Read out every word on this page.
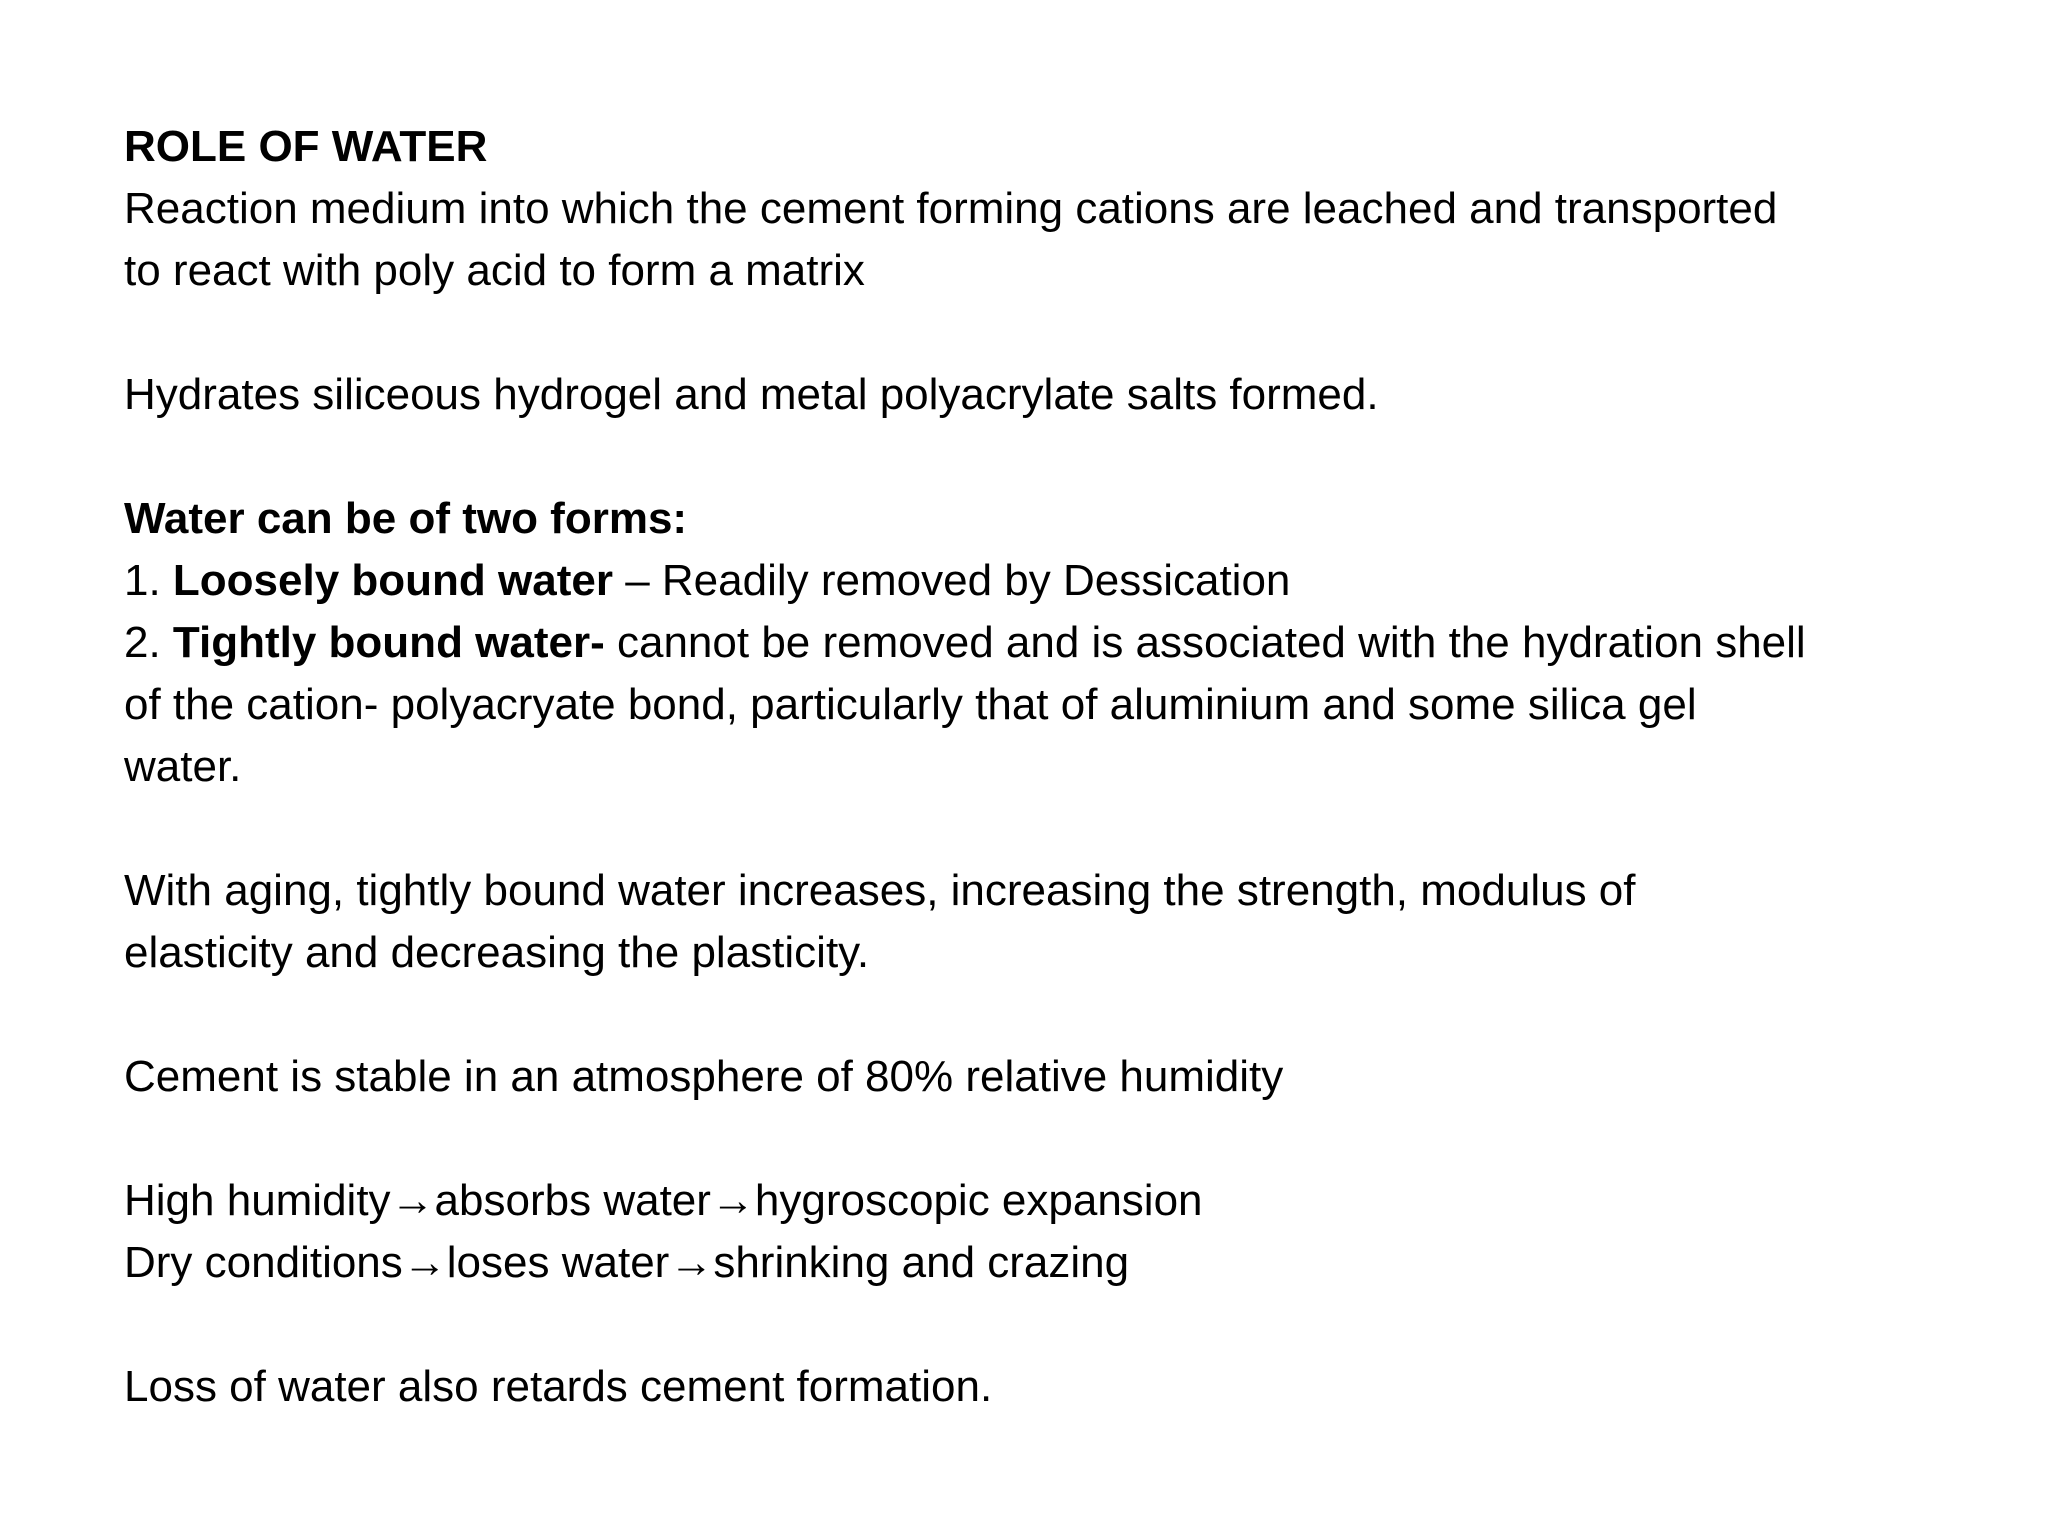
ROLE OF WATER
Reaction medium into which the cement forming cations are leached and transported
to react with poly acid to form a matrix
Hydrates siliceous hydrogel and metal polyacrylate salts formed.
Water can be of two forms:
1. Loosely bound water – Readily removed by Dessication
2. Tightly bound water- cannot be removed and is associated with the hydration shell
of the cation- polyacryate bond, particularly that of aluminium and some silica gel
water.
With aging, tightly bound water increases, increasing the strength, modulus of
elasticity and decreasing the plasticity.
Cement is stable in an atmosphere of 80% relative humidity
High humidity→absorbs water→hygroscopic expansion
Dry conditions→loses water→shrinking and crazing
Loss of water also retards cement formation.
